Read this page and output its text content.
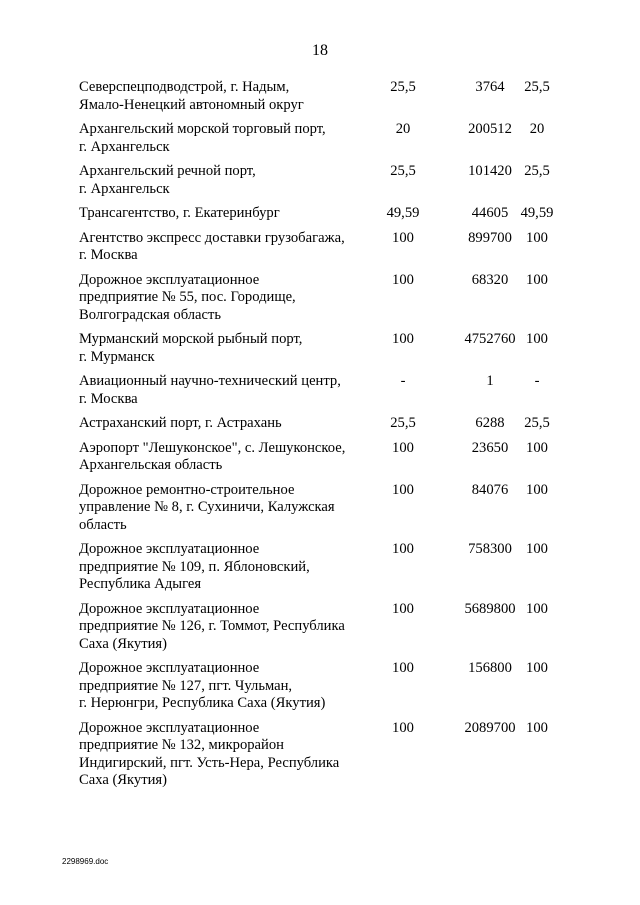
18
Северспецподводстрой, г. Надым,
Ямало-Ненецкий автономный округ
25,5	3764	25,5
Архангельский морской торговый порт,
г. Архангельск
20	200512	20
Архангельский речной порт,
г. Архангельск
25,5	101420 25,5
Трансагентство, г. Екатеринбург	49,59	44605 49,59
Агентство экспресс доставки грузобагажа,
г. Москва
100	899700 100
Дорожное эксплуатационное
предприятие № 55, пос. Городище,
Волгоградская область
100	68320	100
Мурманский морской рыбный порт,
г. Мурманск
100	4752760 100
Авиационный научно-технический центр,
г. Москва
-	1	-
Астраханский порт, г. Астрахань	25,5	6288	25,5
Аэропорт "Лешуконское", с. Лешуконское,
Архангельская область
100	23650	100
Дорожное ремонтно-строительное
управление № 8, г. Сухиничи, Калужская
область
100	84076	100
Дорожное эксплуатационное
предприятие № 109, п. Яблоновский,
Республика Адыгея
100	758300 100
Дорожное эксплуатационное
предприятие № 126, г. Томмот, Республика
Саха (Якутия)
100	5689800 100
Дорожное эксплуатационное
предприятие № 127, пгт. Чульман,
г. Нерюнгри, Республика Саха (Якутия)
100	156800 100
Дорожное эксплуатационное
предприятие № 132, микрорайон
Индигирский, пгт. Усть-Нера, Республика
Саха (Якутия)
100	2089700 100
2298969.doc
